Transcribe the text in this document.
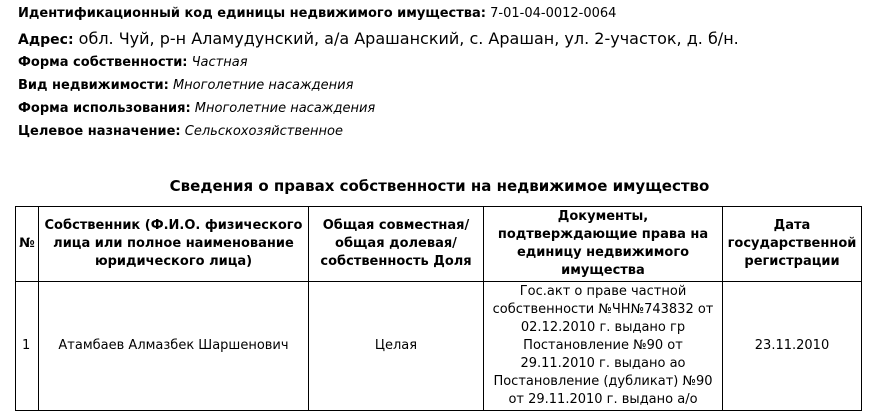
Идентификационный код единицы недвижимого имущества: 7-01-04-0012-0064
Адрес: обл. Чуй, р-н Аламудунский, а/а Арашанский, с. Арашан, ул. 2-участок, д. б/н.
Форма собственности: Частная
Вид недвижимости: Многолетние насаждения
Форма использования: Многолетние насаждения
Целевое назначение: Сельскохозяйственное
Сведения о правах собственности на недвижимое имущество
№	Собственник (Ф.И.О. физического лица или полное наименование юридического лица)	Общая совместная/ общая долевая/ собственность Доля	Документы, подтверждающие права на единицу недвижимого имущества	Дата государственной регистрации
1	Атамбаев Алмазбек Шаршенович	Целая	Гос.акт о праве частной собственности №ЧН№743832 от 02.12.2010 г. выдано гр Постановление №90 от 29.11.2010 г. выдано ао Постановление (дубликат) №90 от 29.11.2010 г. выдано а/о	23.11.2010
